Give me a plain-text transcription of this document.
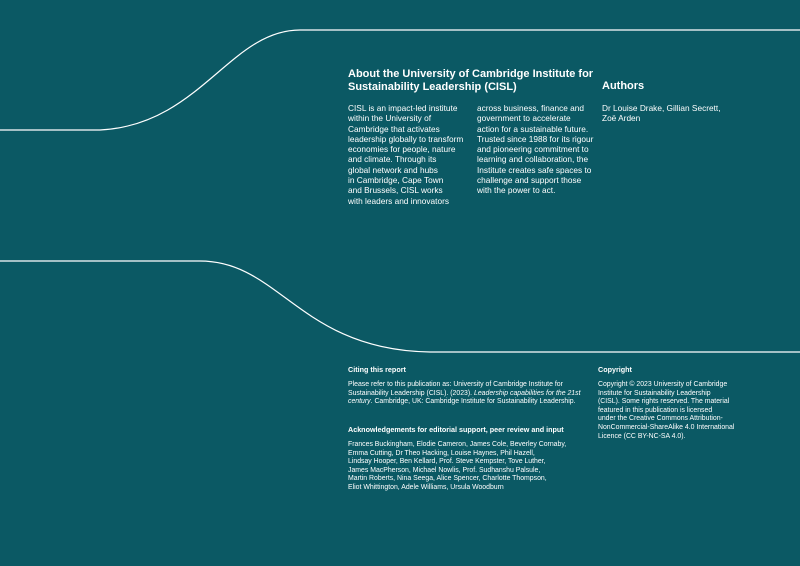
About the University of Cambridge Institute for Sustainability Leadership (CISL)
CISL is an impact-led institute
within the University of
Cambridge that activates
leadership globally to transform
economies for people, nature
and climate. Through its
global network and hubs
in Cambridge, Cape Town
and Brussels, CISL works
with leaders and innovators
across business, finance and
government to accelerate
action for a sustainable future.
Trusted since 1988 for its rigour
and pioneering commitment to
learning and collaboration, the
Institute creates safe spaces to
challenge and support those
with the power to act.
Authors
Dr Louise Drake, Gillian Secrett,
Zoë Arden
Citing this report
Please refer to this publication as: University of Cambridge Institute for Sustainability Leadership (CISL). (2023). Leadership capabilities for the 21st century. Cambridge, UK: Cambridge Institute for Sustainability Leadership.
Acknowledgements for editorial support, peer review and input
Frances Buckingham, Elodie Cameron, James Cole, Beverley Cornaby,
Emma Cutting, Dr Theo Hacking, Louise Haynes, Phil Hazell,
Lindsay Hooper, Ben Kellard, Prof. Steve Kempster, Tove Luther,
James MacPherson, Michael Nowlis, Prof. Sudhanshu Palsule,
Martin Roberts, Nina Seega, Alice Spencer, Charlotte Thompson,
Eliot Whittington, Adele Williams, Ursula Woodburn
Copyright
Copyright © 2023 University of Cambridge
Institute for Sustainability Leadership
(CISL). Some rights reserved. The material
featured in this publication is licensed
under the Creative Commons Attribution-
NonCommercial-ShareAlike 4.0 International
Licence (CC BY-NC-SA 4.0).
